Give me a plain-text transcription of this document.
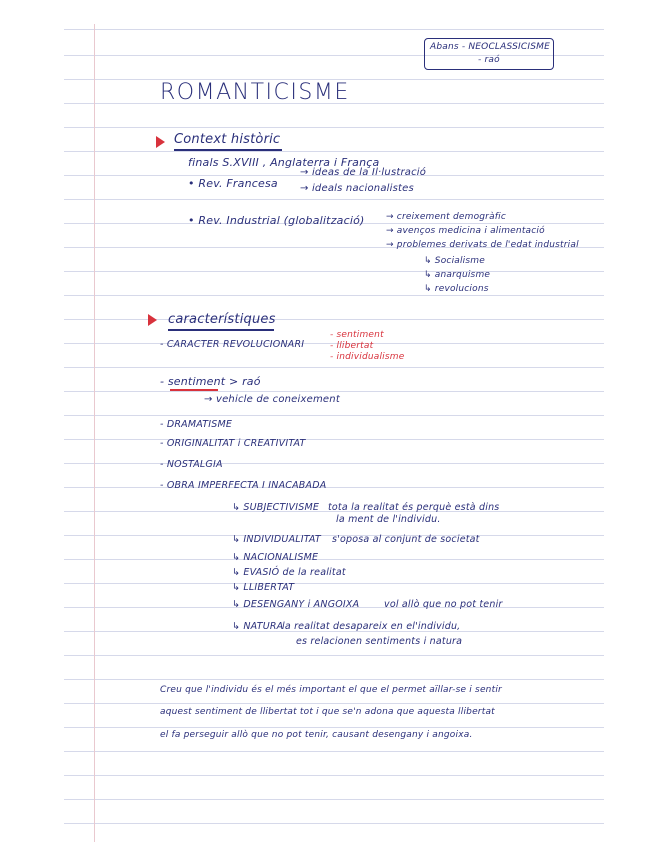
Abans - NEOCLASSICISME
- raó
ROMANTICISME
Context històric
finals S.XVIII , Anglaterra i França
• Rev. Francesa
→ ideas de la Il·lustració
→ ideals nacionalistes
• Rev. Industrial (globalització) → creixement demogràfic
→ avenços medicina i alimentació
→ problemes derivats de l'edat industrial
↳ Socialisme
↳ anarquisme
↳ revolucions
característiques
- CARACTER REVOLUCIONARI
- sentiment
- llibertat
- individualisme
- sentiment > raó
→ vehicle de coneixement
- DRAMATISME
- ORIGINALITAT i CREATIVITAT
- NOSTALGIA
- OBRA IMPERFECTA I INACABADA
↳ SUBJECTIVISME tota la realitat és perquè està dins
la ment de l'individu.
↳ INDIVIDUALITAT s'oposa al conjunt de societat
↳ NACIONALISME
↳ EVASIÓ de la realitat
↳ LLIBERTAT
↳ DESENGANY i ANGOIXA	vol allò que no pot tenir
↳ NATURA
la realitat desapareix en el'individu,
es relacionen sentiments i natura
Creu que l'individu és el més important el que el permet aïllar-se i sentir
aquest sentiment de llibertat tot i que se'n adona que aquesta llibertat
el fa perseguir allò que no pot tenir, causant desengany i angoixa.
